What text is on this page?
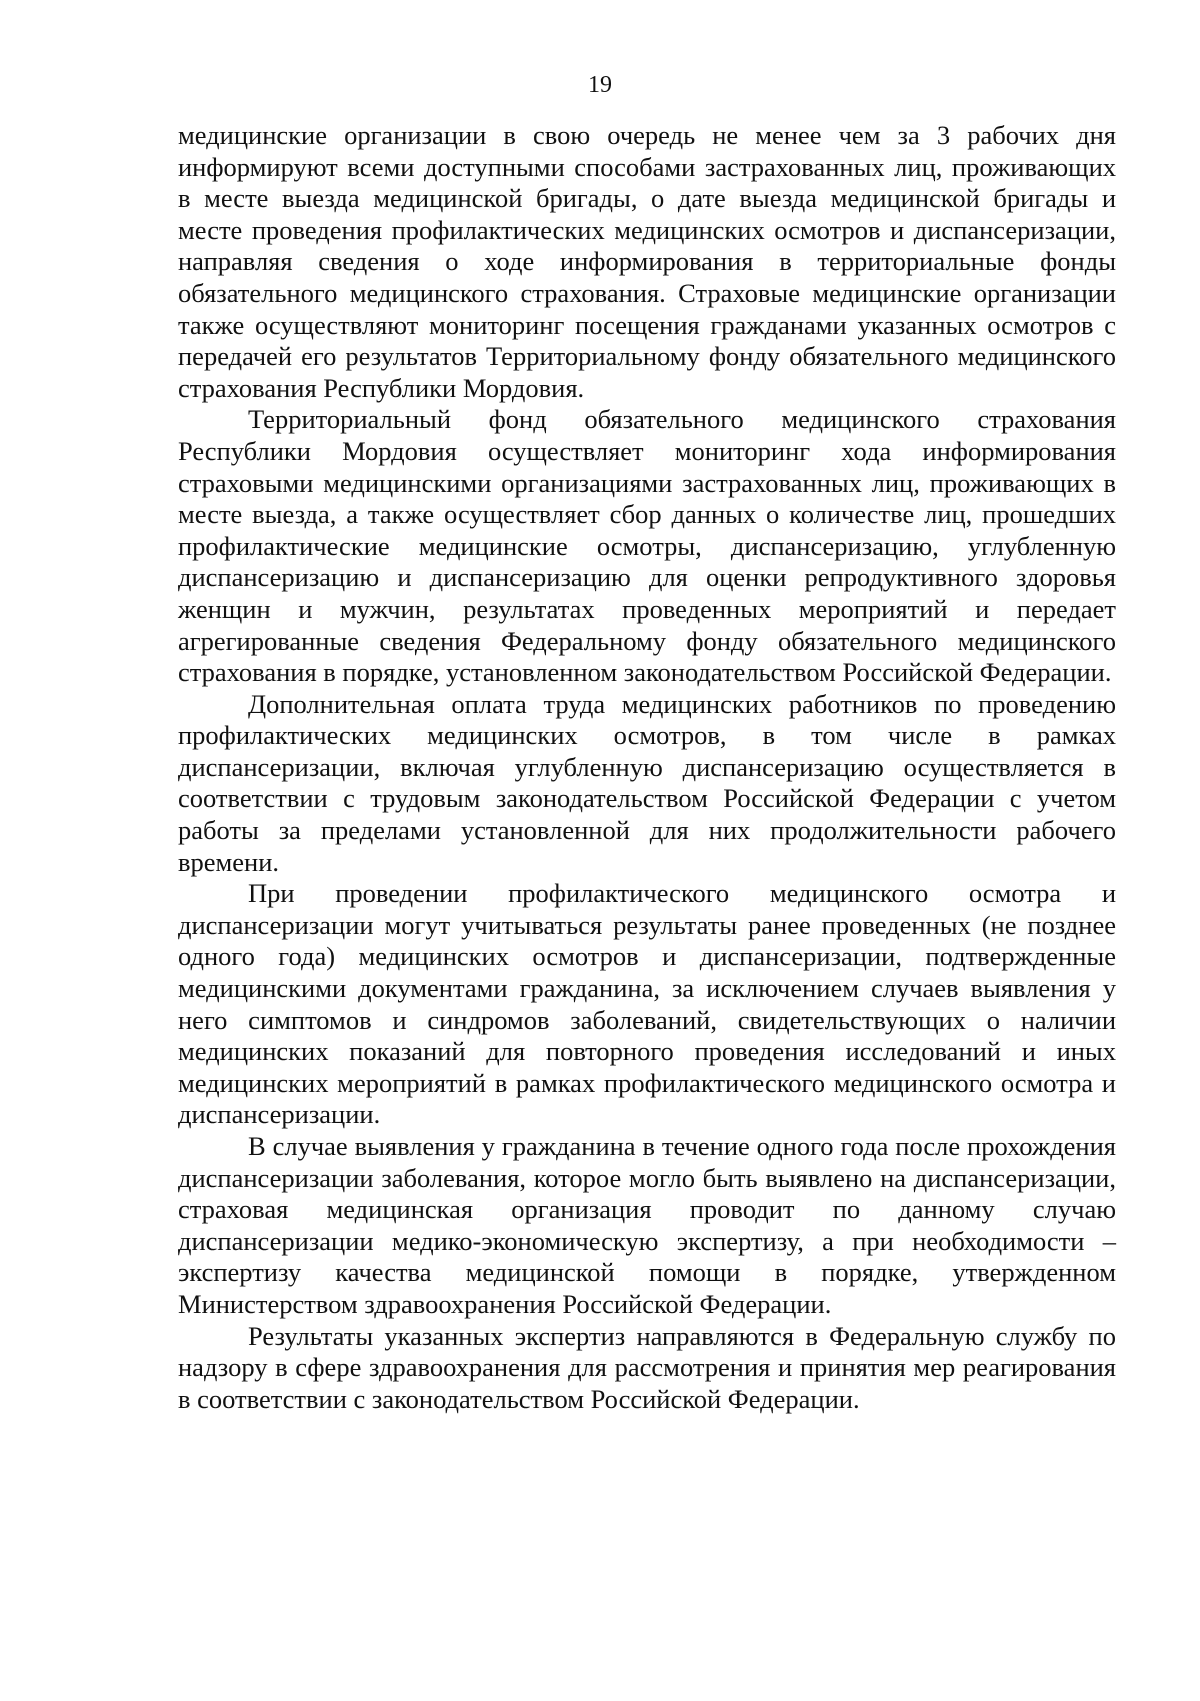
19

медицинские организации в свою очередь не менее чем за 3 рабочих дня информируют всеми доступными способами застрахованных лиц, проживающих в месте выезда медицинской бригады, о дате выезда медицинской бригады и месте проведения профилактических медицинских осмотров и диспансеризации, направляя сведения о ходе информирования в территориальные фонды обязательного медицинского страхования. Страховые медицинские организации также осуществляют мониторинг посещения гражданами указанных осмотров с передачей его результатов Территориальному фонду обязательного медицинского страхования Республики Мордовия.

Территориальный фонд обязательного медицинского страхования Республики Мордовия осуществляет мониторинг хода информирования страховыми медицинскими организациями застрахованных лиц, проживающих в месте выезда, а также осуществляет сбор данных о количестве лиц, прошедших профилактические медицинские осмотры, диспансеризацию, углубленную диспансеризацию и диспансеризацию для оценки репродуктивного здоровья женщин и мужчин, результатах проведенных мероприятий и передает агрегированные сведения Федеральному фонду обязательного медицинского страхования в порядке, установленном законодательством Российской Федерации.

Дополнительная оплата труда медицинских работников по проведению профилактических медицинских осмотров, в том числе в рамках диспансеризации, включая углубленную диспансеризацию осуществляется в соответствии с трудовым законодательством Российской Федерации с учетом работы за пределами установленной для них продолжительности рабочего времени.

При проведении профилактического медицинского осмотра и диспансеризации могут учитываться результаты ранее проведенных (не позднее одного года) медицинских осмотров и диспансеризации, подтвержденные медицинскими документами гражданина, за исключением случаев выявления у него симптомов и синдромов заболеваний, свидетельствующих о наличии медицинских показаний для повторного проведения исследований и иных медицинских мероприятий в рамках профилактического медицинского осмотра и диспансеризации.

В случае выявления у гражданина в течение одного года после прохождения диспансеризации заболевания, которое могло быть выявлено на диспансеризации, страховая медицинская организация проводит по данному случаю диспансеризации медико-экономическую экспертизу, а при необходимости – экспертизу качества медицинской помощи в порядке, утвержденном Министерством здравоохранения Российской Федерации.

Результаты указанных экспертиз направляются в Федеральную службу по надзору в сфере здравоохранения для рассмотрения и принятия мер реагирования в соответствии с законодательством Российской Федерации.
